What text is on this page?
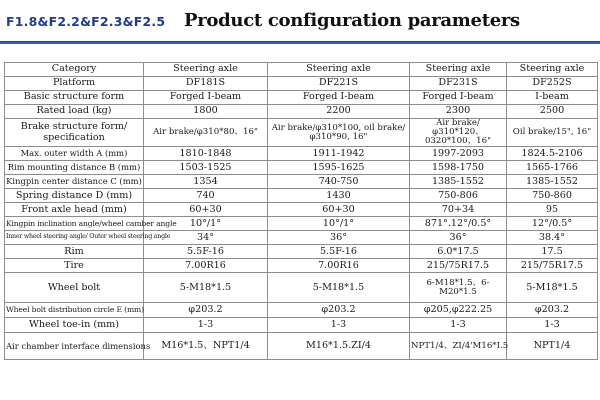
F1.8&F2.2&F2.3&F2.5 Product configuration parameters
Category	Steering axle	Steering axle	Steering axle	Steering axle
Platform	DF181S	DF221S	DF231S	DF252S
Basic structure form	Forged I-beam	Forged I-beam	Forged I-beam	I-beam
Rated load (kg)	1800	2200	2300	2500
Brake structure form/ specification	Air brake/φ310*80、16"	Air brake/φ310*100, oil brake/φ310*90, 16"	Air brake/φ310*120、0320*100、16"	Oil brake/15", 16"
Max. outer width A (mm)	1810-1848	1911-1942	1997-2093	1824.5-2106
Rim mounting distance B (mm)	1503-1525	1595-1625	1598-1750	1565-1766
Kingpin center distance C (mm)	1354	740-750	1385-1552	1385-1552
Spring distance D (mm)	740	1430	750-806	750-860
Front axle head (mm)	60+30	60+30	70+34	95
Kingpin inclination angle/wheel camber angle	10°/1°	10°/1°	871°.12°/0.5°	12°/0.5°
Inner wheel steering angle/ Outer wheel steering angle	34°	36°	36°	38.4°
Rim	5.5F-16	5.5F-16	6.0*17.5	17.5
Tire	7.00R16	7.00R16	215/75R17.5	215/75R17.5
Wheel bolt	5-M18*1.5	5-M18*1.5	6-M18*1.5、6-M20*1.5	5-M18*1.5
Wheel bolt distribution circle E (mm)	φ203.2	φ203.2	φ205,φ222.25	φ203.2
Wheel toe-in (mm)	1-3	1-3	1-3	1-3
Air chamber interface dimensions	M16*1.5、NPT1/4	M16*1.5.ZI/4	NPT1/4、ZI/4'M16*I.5	NPT1/4
